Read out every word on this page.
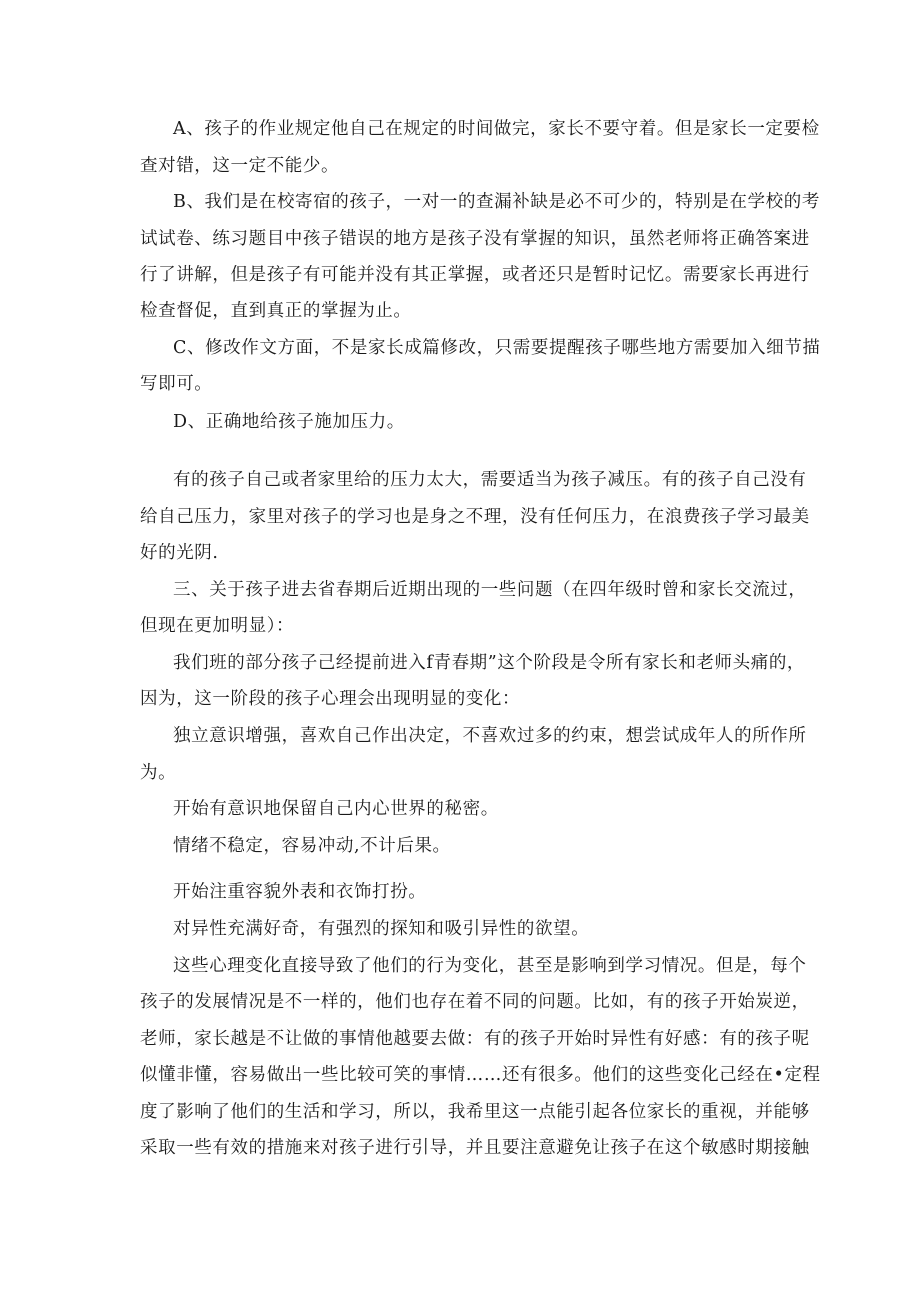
A、孩子的作业规定他自己在规定的时间做完，家长不要守着。但是家长一定要检
查对错，这一定不能少。
B、我们是在校寄宿的孩子，一对一的查漏补缺是必不可少的，特别是在学校的考
试试卷、练习题目中孩子错误的地方是孩子没有掌握的知识，虽然老师将正确答案进
行了讲解，但是孩子有可能并没有其正掌握，或者还只是暂时记忆。需要家长再进行
检查督促，直到真正的掌握为止。
C、修改作文方面，不是家长成篇修改，只需要提醒孩子哪些地方需要加入细节描
写即可。
D、正确地给孩子施加压力。
有的孩子自己或者家里给的压力太大，需要适当为孩子减压。有的孩子自己没有
给自己压力，家里对孩子的学习也是身之不理，没有任何压力，在浪费孩子学习最美
好的光阴.
三、关于孩子进去省春期后近期出现的一些问题（在四年级时曾和家长交流过，
但现在更加明显）：
我们班的部分孩子己经提前进入f青春期”这个阶段是令所有家长和老师头痛的，
因为，这一阶段的孩子心理会出现明显的变化：
独立意识增强，喜欢自己作出决定，不喜欢过多的约束，想尝试成年人的所作所
为。
开始有意识地保留自己内心世界的秘密。
情绪不稳定，容易冲动,不计后果。
开始注重容貌外表和衣饰打扮。
对异性充满好奇，有强烈的探知和吸引异性的欲望。
这些心理变化直接导致了他们的行为变化，甚至是影响到学习情况。但是，每个
孩子的发展情况是不一样的，他们也存在着不同的问题。比如，有的孩子开始炭逆，
老师，家长越是不让做的事情他越要去做：有的孩子开始时异性有好感：有的孩子呢
似懂非懂，容易做出一些比较可笑的事情……还有很多。他们的这些变化己经在•定程
度了影响了他们的生活和学习，所以，我希里这一点能引起各位家长的重视，并能够
采取一些有效的措施来对孩子进行引导，并且要注意避免让孩子在这个敏感时期接触
